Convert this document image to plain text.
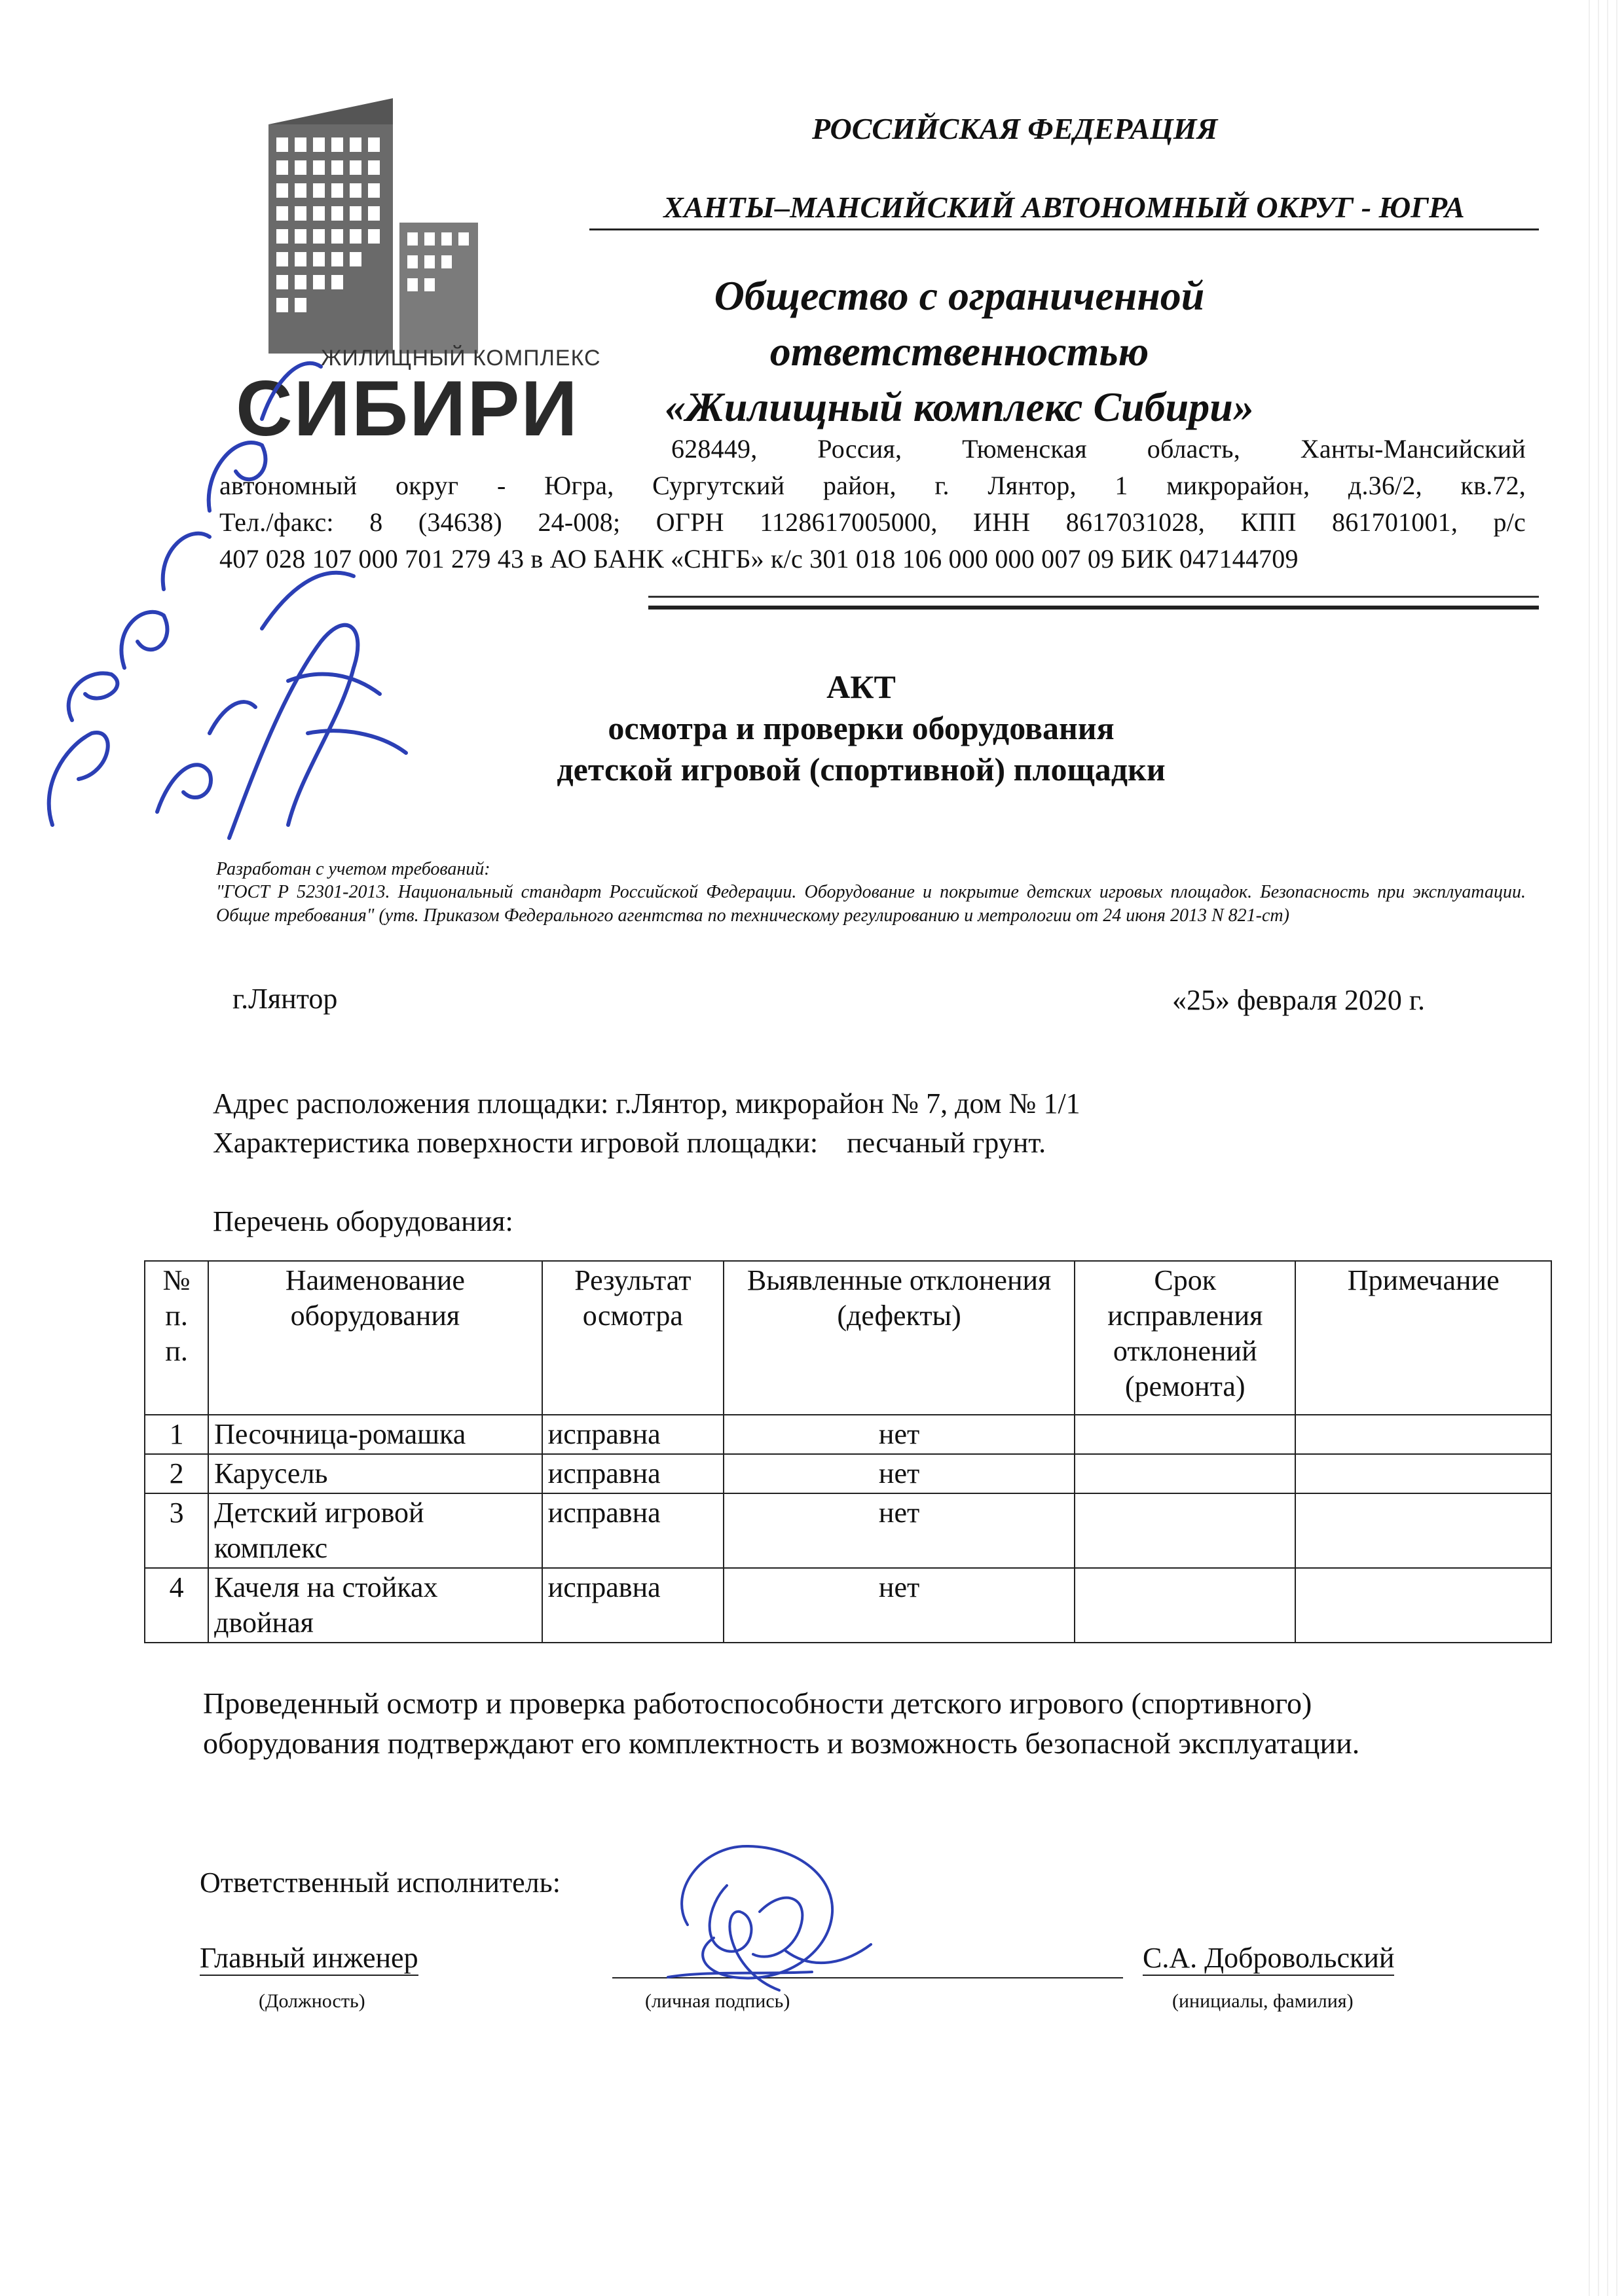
ЖИЛИЩНЫЙ КОМПЛЕКС
СИБИРИ
РОССИЙСКАЯ ФЕДЕРАЦИЯ
ХАНТЫ–МАНСИЙСКИЙ АВТОНОМНЫЙ ОКРУГ - ЮГРА
Общество с ограниченной
ответственностью
«Жилищный комплекс Сибири»
628449, Россия, Тюменская область, Ханты-Мансийский
автономный округ - Югра, Сургутский район, г. Лянтор, 1 микрорайон, д.36/2, кв.72,
Тел./факс: 8 (34638) 24-008; ОГРН 1128617005000, ИНН 8617031028, КПП 861701001, р/с
407 028 107 000 701 279 43 в АО БАНК «СНГБ» к/с 301 018 106 000 000 007 09 БИК 047144709
АКТ
осмотра и проверки оборудования
детской игровой (спортивной) площадки
Разработан с учетом требований:
"ГОСТ Р 52301-2013. Национальный стандарт Российской Федерации. Оборудование и покрытие детских игровых площадок. Безопасность при эксплуатации. Общие требования" (утв. Приказом Федерального агентства по техническому регулированию и метрологии от 24 июня 2013 N 821-ст)
г.Лянтор	«25» февраля 2020 г.
Адрес расположения площадки: г.Лянтор, микрорайон № 7, дом № 1/1
Характеристика поверхности игровой площадки:    песчаный грунт.
Перечень оборудования:
№ п. п.	Наименование оборудования	Результат осмотра	Выявленные отклонения (дефекты)	Срок исправления отклонений (ремонта)	Примечание
1	Песочница-ромашка	исправна	нет		
2	Карусель	исправна	нет		
3	Детский игровой комплекс	исправна	нет		
4	Качеля на стойках двойная	исправна	нет		
Проведенный осмотр и проверка работоспособности детского игрового (спортивного)
оборудования подтверждают его комплектность и возможность безопасной эксплуатации.
Ответственный исполнитель:
Главный инженер
(Должность)	(личная подпись)
С.А. Добровольский
(инициалы, фамилия)
